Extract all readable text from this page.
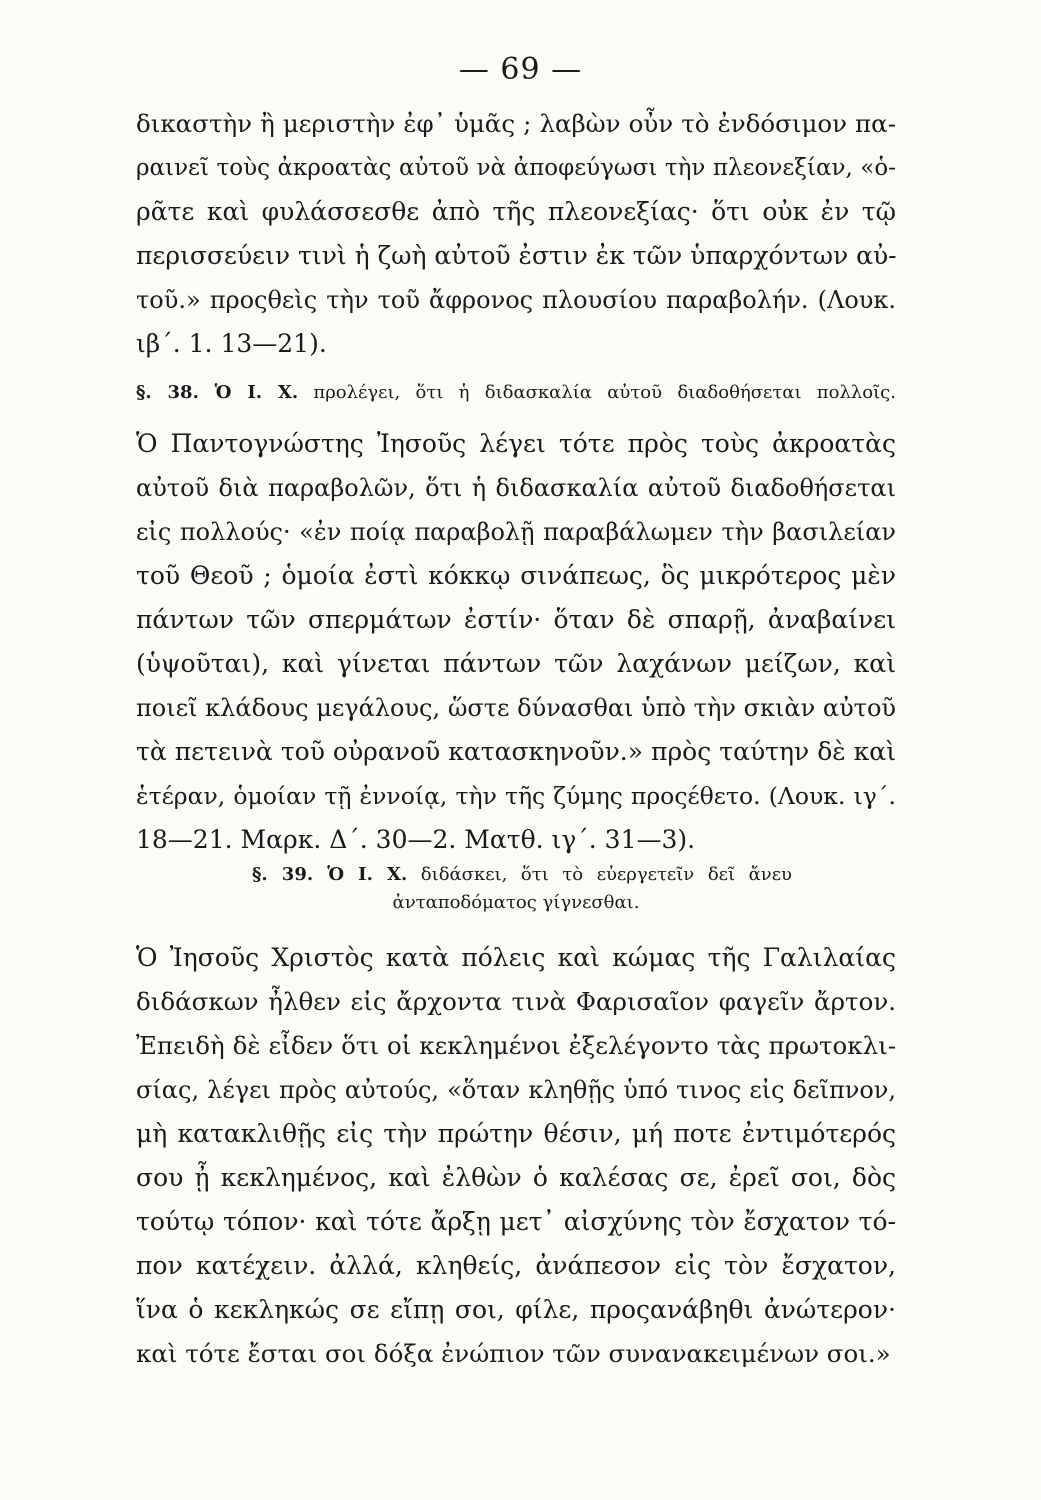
— 69 —
δικαστὴν ἢ μεριστὴν ἐφ᾿ ὑμᾶς ; λαβὼν οὖν τὸ ἐνδόσιμον πα-
ραινεῖ τοὺς ἀκροατὰς αὐτοῦ νὰ ἀποφεύγωσι τὴν πλεονεξίαν, «ὁ-
ρᾶτε καὶ φυλάσσεσθε ἀπὸ τῆς πλεονεξίας· ὅτι οὐκ ἐν τῷ
περισσεύειν τινὶ ἡ ζωὴ αὐτοῦ ἐστιν ἐκ τῶν ὑπαρχόντων αὐ-
τοῦ.» προςθεὶς τὴν τοῦ ἄφρονος πλουσίου παραβολήν. (Λουκ.
ιβ΄. 1. 13—21).
§. 38. Ὁ Ι. Χ. προλέγει, ὅτι ἡ διδασκαλία αὐτοῦ διαδοθήσεται πολλοῖς.
Ὁ Παντογνώστης Ἰησοῦς λέγει τότε πρὸς τοὺς ἀκροατὰς
αὐτοῦ διὰ παραβολῶν, ὅτι ἡ διδασκαλία αὐτοῦ διαδοθήσεται
εἰς πολλούς· «ἐν ποίᾳ παραβολῇ παραβάλωμεν τὴν βασιλείαν
τοῦ Θεοῦ ; ὁμοία ἐστὶ κόκκῳ σινάπεως, ὃς μικρότερος μὲν
πάντων τῶν σπερμάτων ἐστίν· ὅταν δὲ σπαρῇ, ἀναβαίνει
(ὑψοῦται), καὶ γίνεται πάντων τῶν λαχάνων μείζων, καὶ
ποιεῖ κλάδους μεγάλους, ὥστε δύνασθαι ὑπὸ τὴν σκιὰν αὐτοῦ
τὰ πετεινὰ τοῦ οὐρανοῦ κατασκηνοῦν.» πρὸς ταύτην δὲ καὶ
ἑτέραν, ὁμοίαν τῇ ἐννοίᾳ, τὴν τῆς ζύμης προςέθετο. (Λουκ. ιγ΄.
18—21. Μαρκ. Δ΄. 30—2. Ματθ. ιγ΄. 31—3).
§. 39. Ὁ Ι. Χ. διδάσκει, ὅτι τὸ εὐεργετεῖν δεῖ ἄνευ
ἀνταποδόματος γίγνεσθαι.
Ὁ Ἰησοῦς Χριστὸς κατὰ πόλεις καὶ κώμας τῆς Γαλιλαίας
διδάσκων ἦλθεν εἰς ἄρχοντα τινὰ Φαρισαῖον φαγεῖν ἄρτον.
Ἐπειδὴ δὲ εἶδεν ὅτι οἱ κεκλημένοι ἐξελέγοντο τὰς πρωτοκλι-
σίας, λέγει πρὸς αὐτούς, «ὅταν κληθῇς ὑπό τινος εἰς δεῖπνον,
μὴ κατακλιθῇς εἰς τὴν πρώτην θέσιν, μή ποτε ἐντιμότερός
σου ᾖ κεκλημένος, καὶ ἐλθὼν ὁ καλέσας σε, ἐρεῖ σοι, δὸς
τούτῳ τόπον· καὶ τότε ἄρξῃ μετ᾿ αἰσχύνης τὸν ἔσχατον τό-
πον κατέχειν. ἀλλά, κληθείς, ἀνάπεσον εἰς τὸν ἔσχατον,
ἵνα ὁ κεκληκώς σε εἴπῃ σοι, φίλε, προςανάβηθι ἀνώτερον·
καὶ τότε ἔσται σοι δόξα ἐνώπιον τῶν συνανακειμένων σοι.»
